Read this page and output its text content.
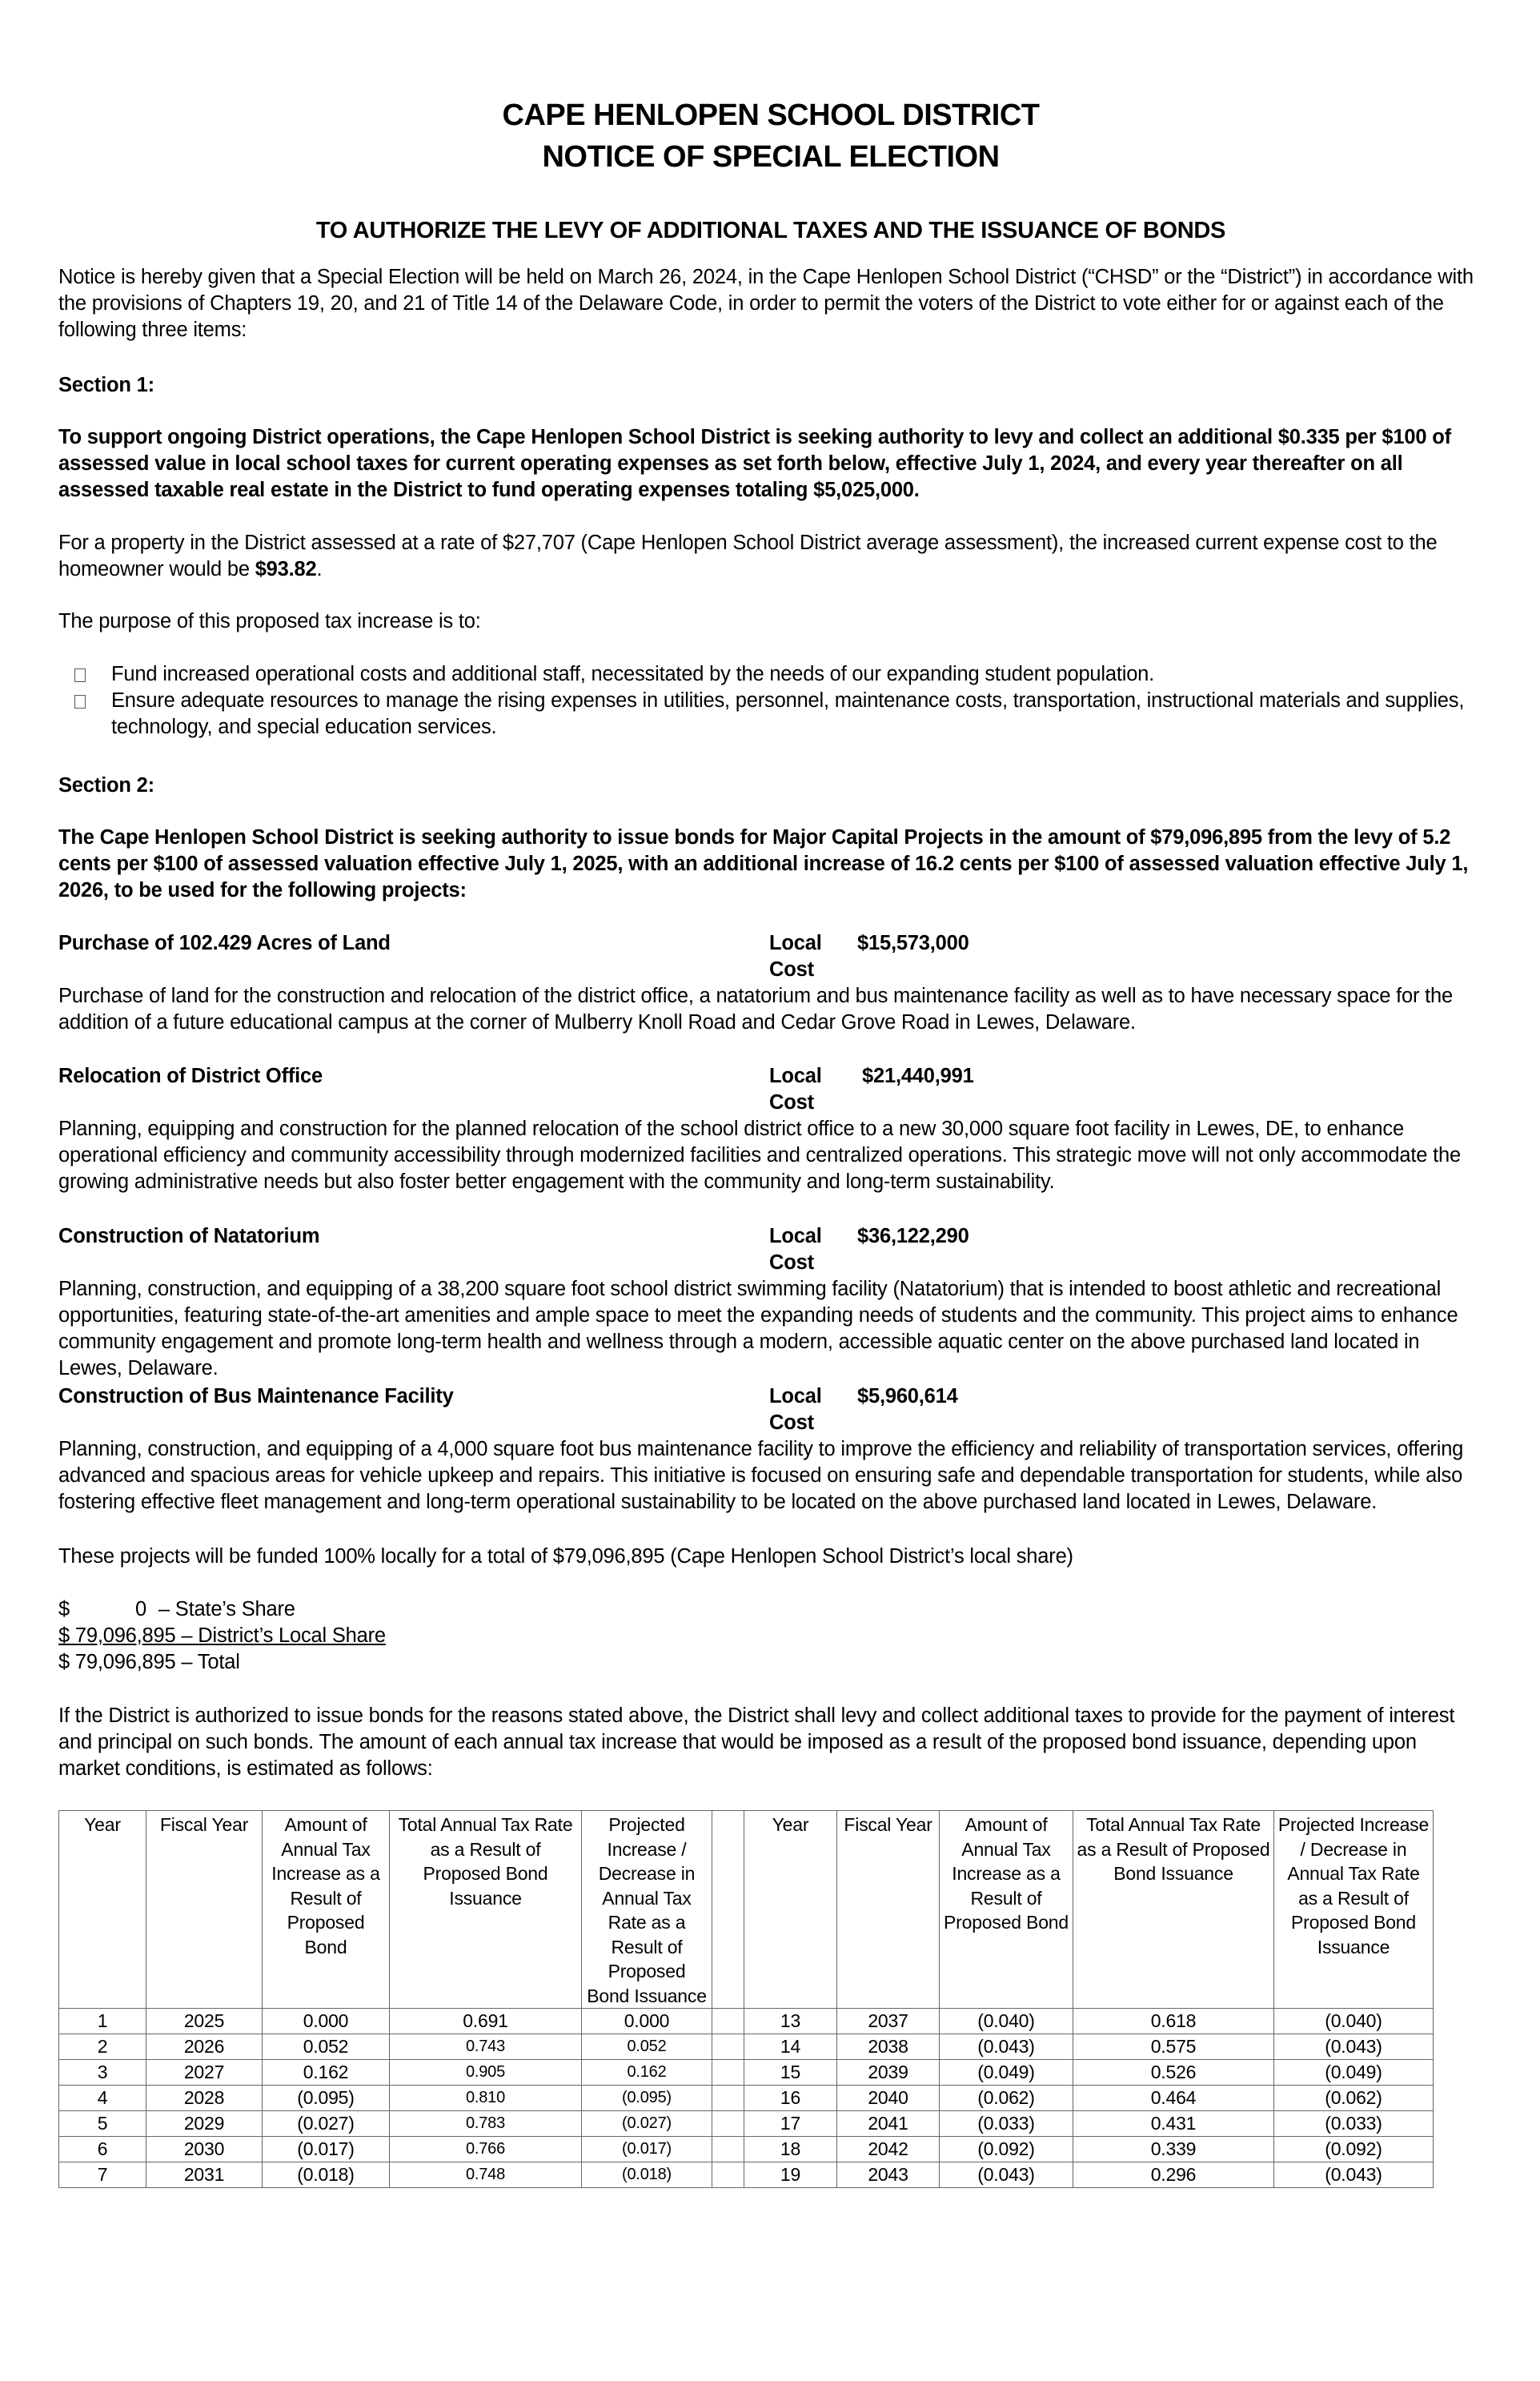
CAPE HENLOPEN SCHOOL DISTRICT
NOTICE OF SPECIAL ELECTION
TO AUTHORIZE THE LEVY OF ADDITIONAL TAXES AND THE ISSUANCE OF BONDS

Notice is hereby given that a Special Election will be held on March 26, 2024, in the Cape Henlopen School District (“CHSD” or the “District”) in accordance with the provisions of Chapters 19, 20, and 21 of Title 14 of the Delaware Code, in order to permit the voters of the District to vote either for or against each of the following three items:

Section 1:

To support ongoing District operations, the Cape Henlopen School District is seeking authority to levy and collect an additional $0.335 per $100 of assessed value in local school taxes for current operating expenses as set forth below, effective July 1, 2024, and every year thereafter on all assessed taxable real estate in the District to fund operating expenses totaling $5,025,000.

For a property in the District assessed at a rate of $27,707 (Cape Henlopen School District average assessment), the increased current expense cost to the homeowner would be $93.82.

The purpose of this proposed tax increase is to:

Fund increased operational costs and additional staff, necessitated by the needs of our expanding student population.
Ensure adequate resources to manage the rising expenses in utilities, personnel, maintenance costs, transportation, instructional materials and supplies, technology, and special education services.

Section 2:

The Cape Henlopen School District is seeking authority to issue bonds for Major Capital Projects in the amount of $79,096,895 from the levy of 5.2 cents per $100 of assessed valuation effective July 1, 2025, with an additional increase of 16.2 cents per $100 of assessed valuation effective July 1, 2026, to be used for the following projects:

Purchase of 102.429 Acres of Land	Local Cost
$15,573,000

Purchase of land for the construction and relocation of the district office, a natatorium and bus maintenance facility as well as to have necessary space for the addition of a future educational campus at the corner of Mulberry Knoll Road and Cedar Grove Road in Lewes, Delaware.

Relocation of District Office	Local Cost
$21,440,991

Planning, equipping and construction for the planned relocation of the school district office to a new 30,000 square foot facility in Lewes, DE, to enhance operational efficiency and community accessibility through modernized facilities and centralized operations. This strategic move will not only accommodate the growing administrative needs but also foster better engagement with the community and long-term sustainability.

Construction of Natatorium	Local Cost
$36,122,290

Planning, construction, and equipping of a 38,200 square foot school district swimming facility (Natatorium) that is intended to boost athletic and recreational opportunities, featuring state-of-the-art amenities and ample space to meet the expanding needs of students and the community. This project aims to enhance community engagement and promote long-term health and wellness through a modern, accessible aquatic center on the above purchased land located in Lewes, Delaware.

Construction of Bus Maintenance Facility	Local Cost
$5,960,614

Planning, construction, and equipping of a 4,000 square foot bus maintenance facility to improve the efficiency and reliability of transportation services, offering advanced and spacious areas for vehicle upkeep and repairs. This initiative is focused on ensuring safe and dependable transportation for students, while also fostering effective fleet management and long-term operational sustainability to be located on the above purchased land located in Lewes, Delaware.

These projects will be funded 100% locally for a total of $79,096,895 (Cape Henlopen School District’s local share)

$	0 – State’s Share
$ 79,096,895 – District’s Local Share
$ 79,096,895 – Total

If the District is authorized to issue bonds for the reasons stated above, the District shall levy and collect additional taxes to provide for the payment of interest and principal on such bonds. The amount of each annual tax increase that would be imposed as a result of the proposed bond issuance, depending upon market conditions, is estimated as follows:

Year	Fiscal Year	Amount of Annual Tax Increase as a Result of Proposed Bond	Total Annual Tax Rate as a Result of Proposed Bond Issuance	Projected Increase / Decrease in Annual Tax Rate as a Result of Proposed Bond Issuance		Year	Fiscal Year	Amount of Annual Tax Increase as a Result of Proposed Bond	Total Annual Tax Rate as a Result of Proposed Bond Issuance	Projected Increase / Decrease in Annual Tax Rate as a Result of Proposed Bond Issuance
1	2025	0.000	0.691	0.000		13	2037	(0.040)	0.618	(0.040)
2	2026	0.052	0.743	0.052		14	2038	(0.043)	0.575	(0.043)
3	2027	0.162	0.905	0.162		15	2039	(0.049)	0.526	(0.049)
4	2028	(0.095)	0.810	(0.095)		16	2040	(0.062)	0.464	(0.062)
5	2029	(0.027)	0.783	(0.027)		17	2041	(0.033)	0.431	(0.033)
6	2030	(0.017)	0.766	(0.017)		18	2042	(0.092)	0.339	(0.092)
7	2031	(0.018)	0.748	(0.018)		19	2043	(0.043)	0.296	(0.043)
